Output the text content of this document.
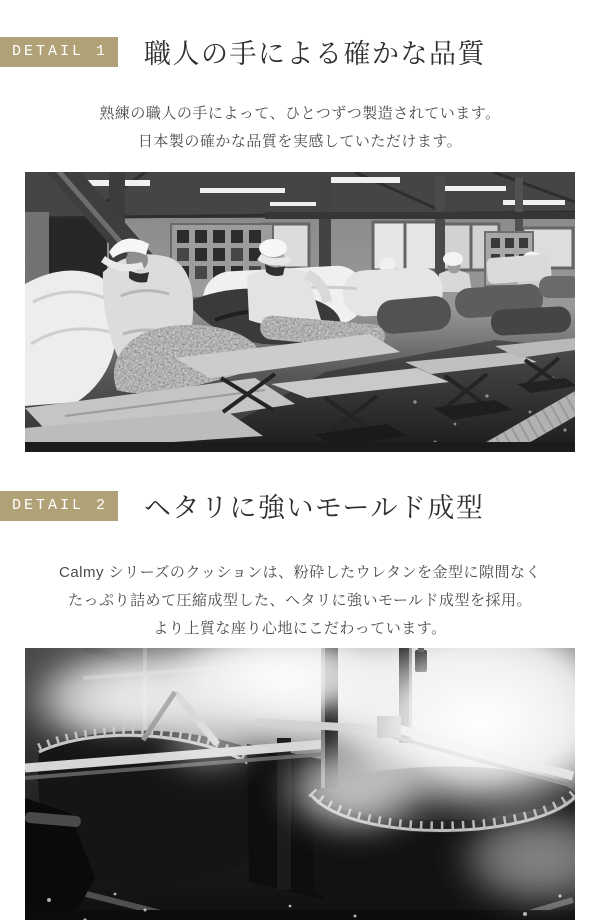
DETAIL 1	職人の手による確かな品質

熟練の職人の手によって、ひとつずつ製造されています。
日本製の確かな品質を実感していただけます。

DETAIL 2	ヘタリに強いモールド成型

Calmy シリーズのクッションは、粉砕したウレタンを金型に隙間なく
たっぷり詰めて圧縮成型した、ヘタリに強いモールド成型を採用。
より上質な座り心地にこだわっています。
